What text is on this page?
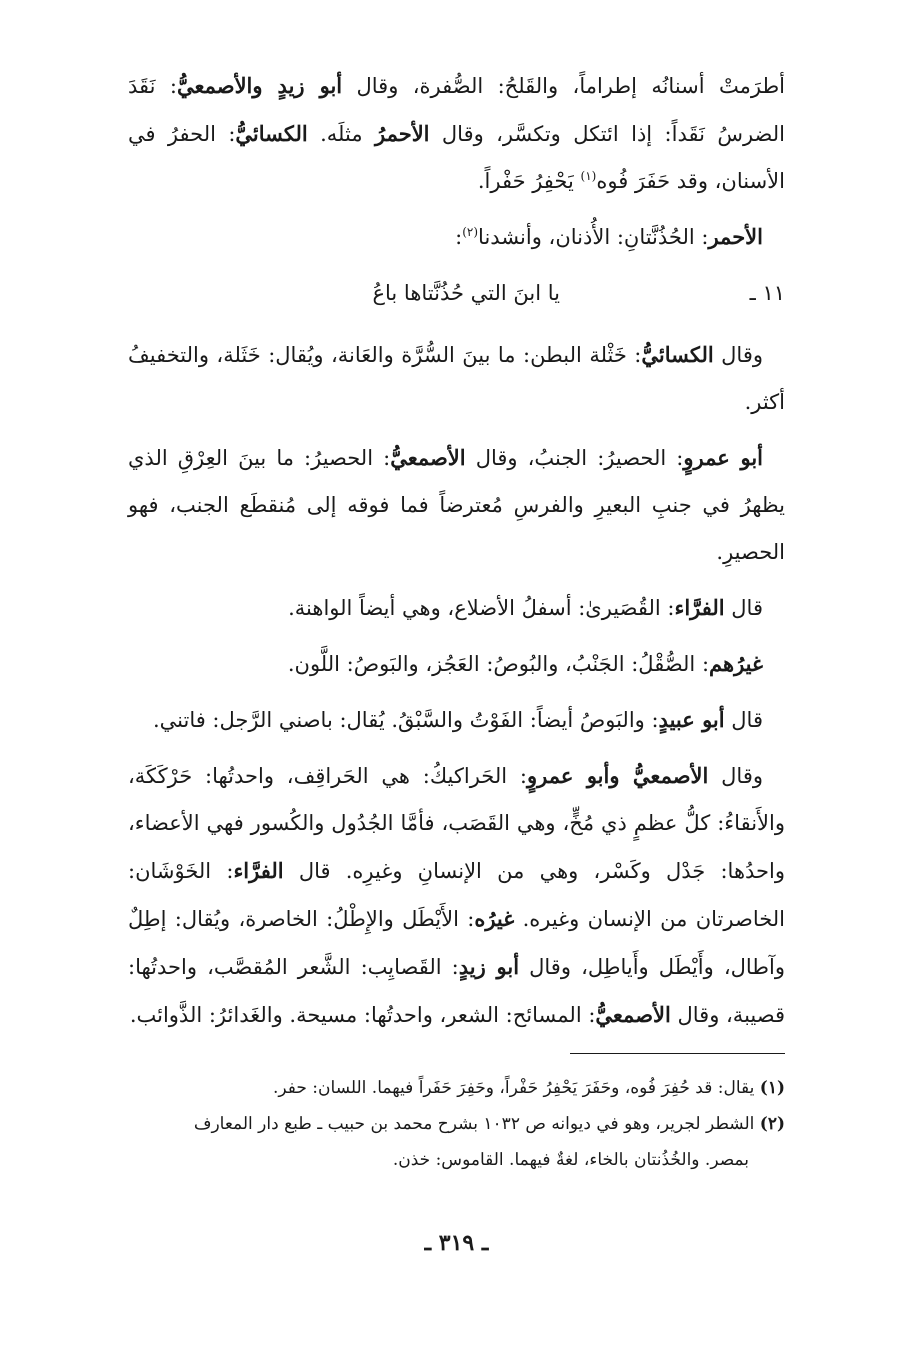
أطرَمتْ أسنانُه إطراماً، والقَلحُ: الصُّفرة، وقال أبو زيدٍ والأصمعيُّ: نَقَدَ الضرسُ نَقَداً: إذا ائتكل وتكسَّر، وقال الأحمرُ مثلَه. الكسائيُّ: الحفرُ في الأسنان، وقد حَفَرَ فُوه$^{(١)}$ يَحْفِرُ حَفْراً.

الأحمر: الحُذُنَّتانِ: الأُذنان، وأنشدنا$^{(٢)}$:

١١ ـ
يا ابنَ التي حُذُنَّتاها باعُ

وقال الكسائيُّ: خَثْلة البطن: ما بينَ السُّرَّة والعَانة، ويُقال: خَثَلة، والتخفيفُ أكثر.

أبو عمروٍ: الحصيرُ: الجنبُ، وقال الأصمعيُّ: الحصيرُ: ما بينَ العِرْقِ الذي يظهرُ في جنبِ البعيرِ والفرسِ مُعترضاً فما فوقه إلى مُنقطَع الجنب، فهو الحصيرِ.

قال الفرَّاء: القُصَيرىٰ: أسفلُ الأضلاع، وهي أيضاً الواهنة.

غيرُهم: الصُّقْلُ: الجَنْبُ، والبُوصُ: العَجُز، والبَوصُ: اللَّون.

قال أبو عبيدٍ: والبَوصُ أيضاً: الفَوْتُ والسَّبْقُ. يُقال: باصني الرَّجل: فاتني.

وقال الأصمعيُّ وأبو عمروٍ: الحَراكيكُ: هي الحَراقِف، واحدتُها: حَرْكَكَة، والأَنقاءُ: كلُّ عظمٍ ذي مُخٍّ، وهي القَصَب، فأمَّا الجُدُول والكُسور فهي الأعضاء، واحدُها: جَدْل وكَسْر، وهي من الإنسانِ وغيرِه. قال الفرَّاء: الخَوْشَان: الخاصرتان من الإنسان وغيره. غيرُه: الأَيْطَل والإِطْلُ: الخاصرة، ويُقال: إطِلٌ وآطال، وأَيْطَل وأَياطِل، وقال أبو زيدٍ: القَصايِب: الشَّعر المُقصَّب، واحدتُها: قصيبة، وقال الأصمعيُّ: المسائح: الشعر، واحدتُها: مسيحة. والغَدائرُ: الذَّوائب.

(١) يقال: قد حُفِرَ فُوه، وحَفَرَ يَحْفِرُ حَفْراً، وحَفِرَ حَفَراً فيهما. اللسان: حفر.

(٢) الشطر لجرير، وهو في ديوانه ص ١٠٣٢ بشرح محمد بن حبيب ـ طبع دار المعارف

بمصر. والخُذُنتان بالخاء، لغةٌ فيهما. القاموس: خذن.

ـ ٣١٩ ـ
